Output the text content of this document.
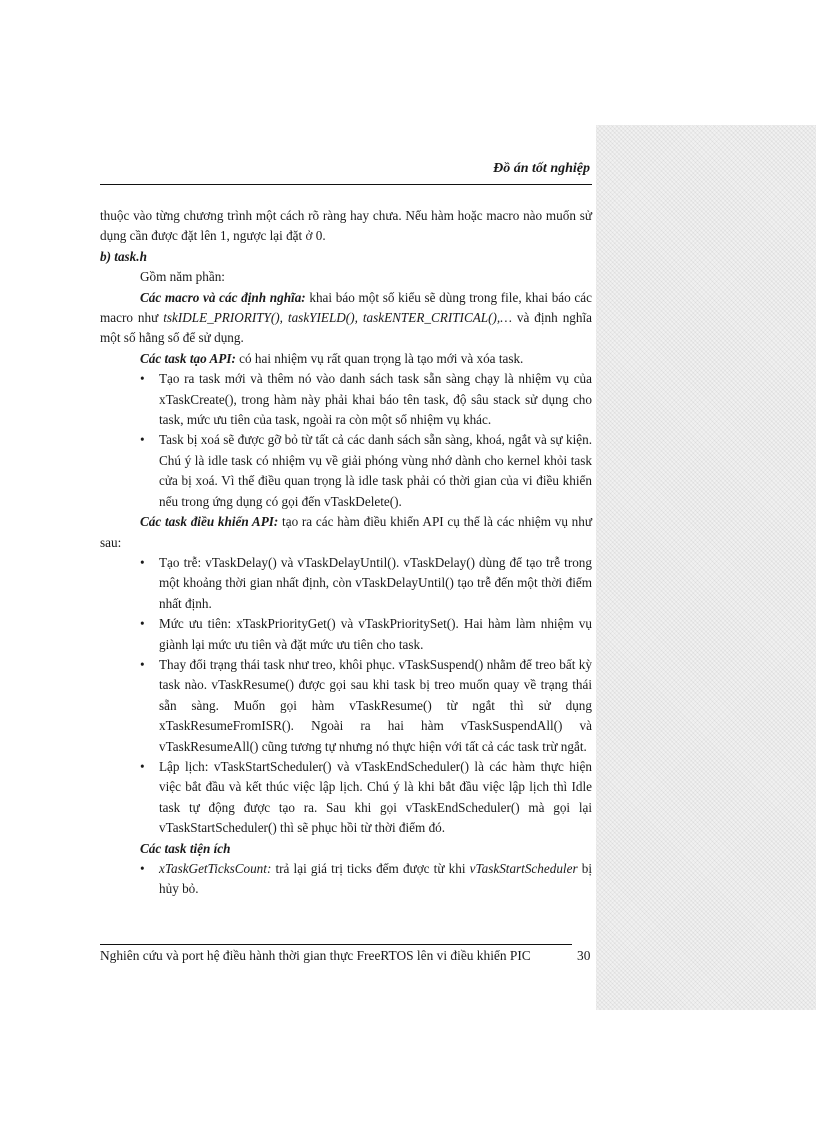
Đồ án tốt nghiệp

thuộc vào từng chương trình một cách rõ ràng hay chưa. Nếu hàm hoặc macro nào muốn sử dụng cần được đặt lên 1, ngược lại đặt ở 0.

b) task.h

Gồm năm phần:

Các macro và các định nghĩa: khai báo một số kiểu sẽ dùng trong file, khai báo các macro như tskIDLE_PRIORITY(), taskYIELD(), taskENTER_CRITICAL(),… và định nghĩa một số hằng số để sử dụng.

Các task tạo API: có hai nhiệm vụ rất quan trọng là tạo mới và xóa task.

• Tạo ra task mới và thêm nó vào danh sách task sẵn sàng chạy là nhiệm vụ của xTaskCreate(), trong hàm này phải khai báo tên task, độ sâu stack sử dụng cho task, mức ưu tiên của task, ngoài ra còn một số nhiệm vụ khác.
• Task bị xoá sẽ được gỡ bỏ từ tất cả các danh sách sẵn sàng, khoá, ngắt và sự kiện. Chú ý là idle task có nhiệm vụ về giải phóng vùng nhớ dành cho kernel khỏi task cửa bị xoá. Vì thế điều quan trọng là idle task phải có thời gian của vi điều khiển nếu trong ứng dụng có gọi đến vTaskDelete().

Các task điều khiển API: tạo ra các hàm điều khiển API cụ thể là các nhiệm vụ như sau:

• Tạo trễ: vTaskDelay() và vTaskDelayUntil(). vTaskDelay() dùng để tạo trễ trong một khoảng thời gian nhất định, còn vTaskDelayUntil() tạo trễ đến một thời điểm nhất định.
• Mức ưu tiên: xTaskPriorityGet() và vTaskPrioritySet(). Hai hàm làm nhiệm vụ giành lại mức ưu tiên và đặt mức ưu tiên cho task.
• Thay đổi trạng thái task như treo, khôi phục. vTaskSuspend() nhằm để treo bất kỳ task nào. vTaskResume() được gọi sau khi task bị treo muốn quay về trạng thái sẵn sàng. Muốn gọi hàm vTaskResume() từ ngắt thì sử dụng xTaskResumeFromISR(). Ngoài ra hai hàm vTaskSuspendAll() và vTaskResumeAll() cũng tương tự nhưng nó thực hiện với tất cả các task trừ ngắt.
• Lập lịch: vTaskStartScheduler() và vTaskEndScheduler() là các hàm thực hiện việc bắt đầu và kết thúc việc lập lịch. Chú ý là khi bắt đầu việc lập lịch thì Idle task tự động được tạo ra. Sau khi gọi vTaskEndScheduler() mà gọi lại vTaskStartScheduler() thì sẽ phục hồi từ thời điểm đó.

Các task tiện ích

• xTaskGetTicksCount: trả lại giá trị ticks đếm được từ khi vTaskStartScheduler bị hủy bỏ.
Nghiên cứu và port hệ điều hành thời gian thực FreeRTOS lên vi điều khiển PIC	30
